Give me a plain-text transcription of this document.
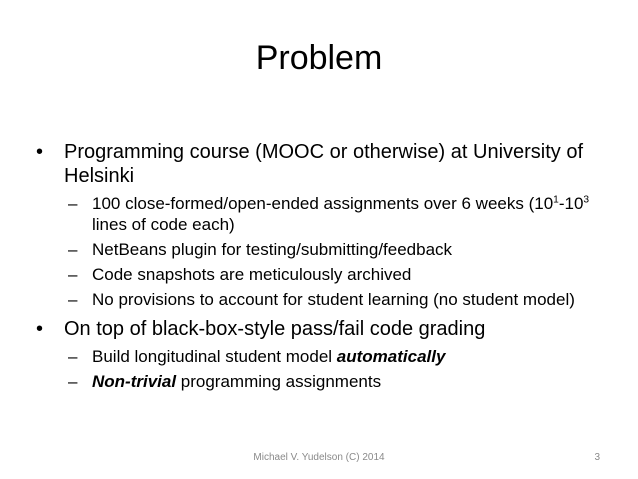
Problem
• Programming course (MOOC or otherwise) at University of Helsinki
– 100 close-formed/open-ended assignments over 6 weeks ($10^1-10^3$ lines of code each)
– NetBeans plugin for testing/submitting/feedback
– Code snapshots are meticulously archived
– No provisions to account for student learning (no student model)
• On top of black-box-style pass/fail code grading
– Build longitudinal student model automatically
– Non-trivial programming assignments
Michael V. Yudelson (C) 2014	3
